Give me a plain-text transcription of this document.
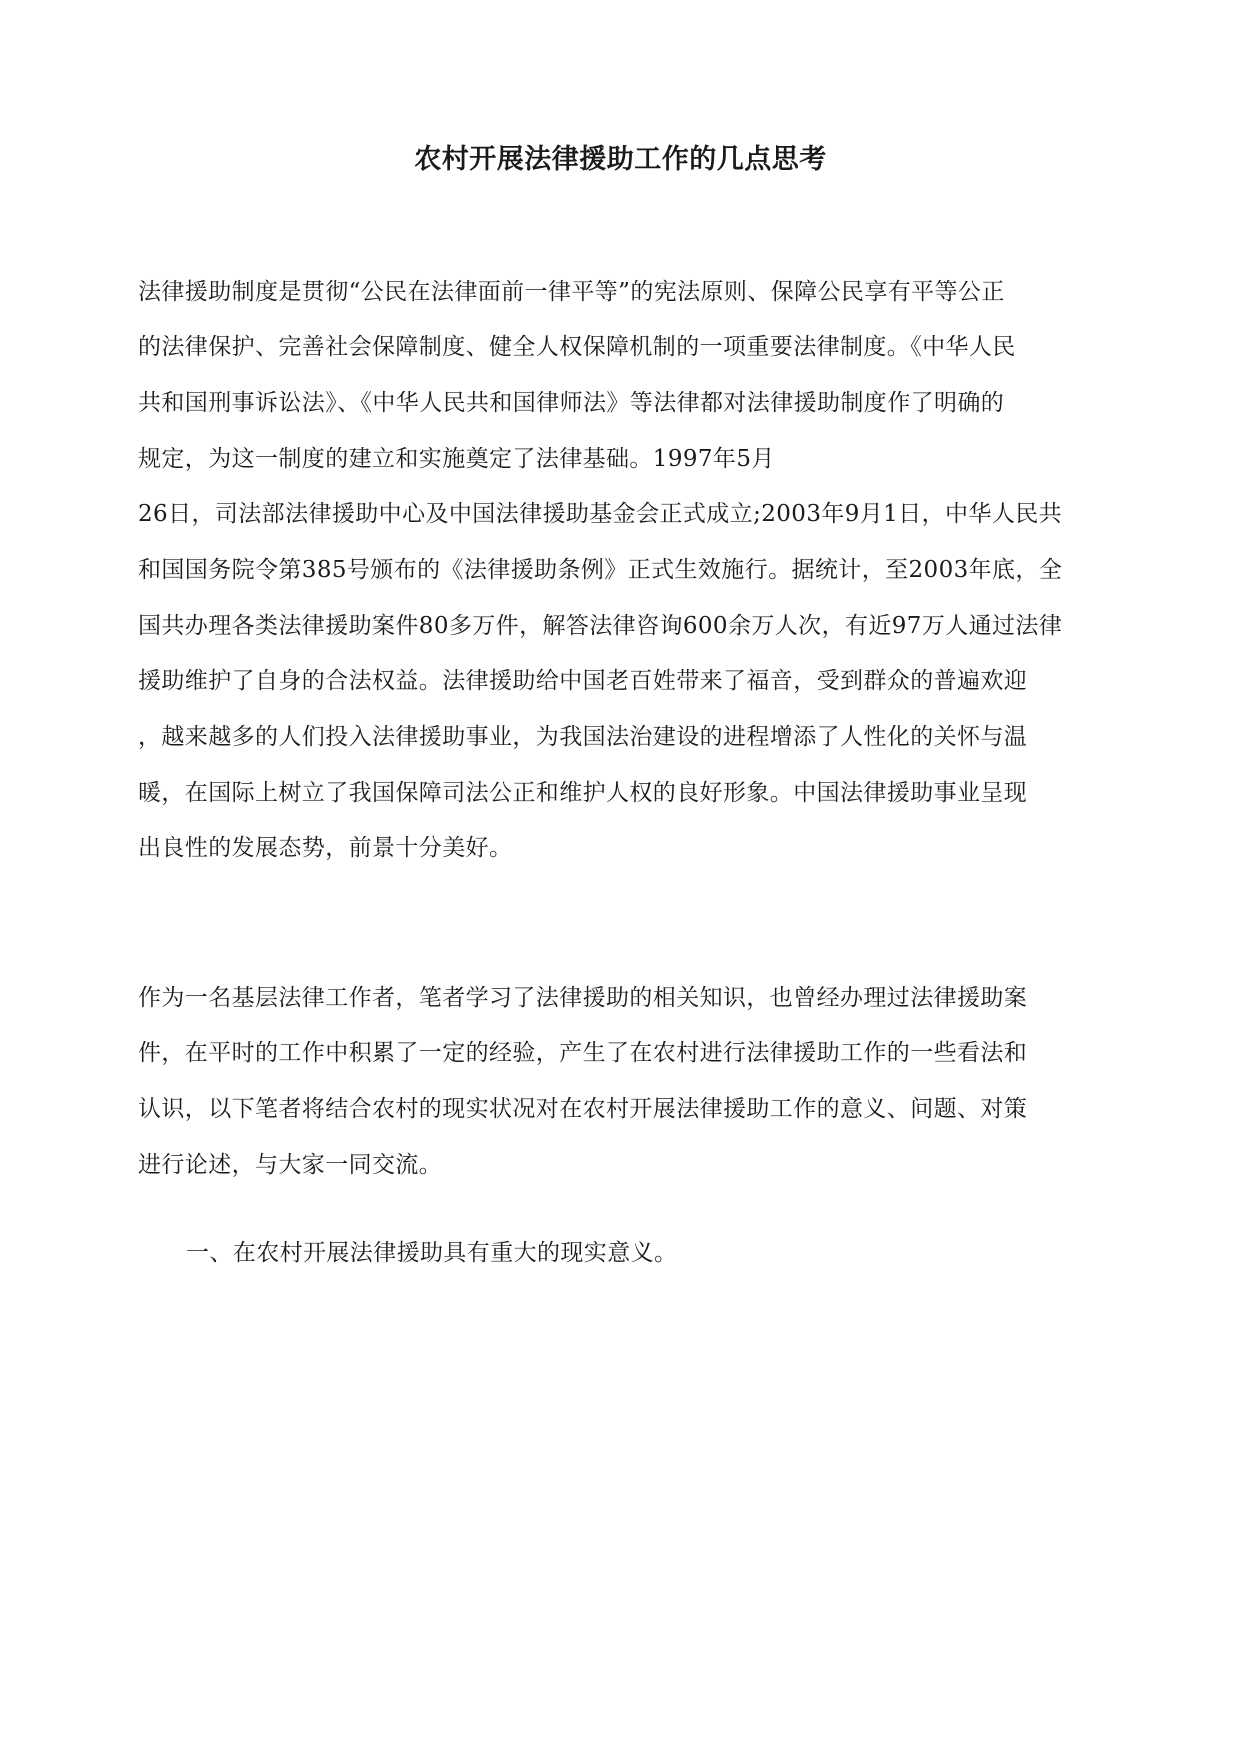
农村开展法律援助工作的几点思考
法律援助制度是贯彻“公民在法律面前一律平等”的宪法原则、保障公民享有平等公正
的法律保护、完善社会保障制度、健全人权保障机制的一项重要法律制度。《中华人民
共和国刑事诉讼法》、《中华人民共和国律师法》等法律都对法律援助制度作了明确的
规定，为这一制度的建立和实施奠定了法律基础。1997年5月
26日，司法部法律援助中心及中国法律援助基金会正式成立;2003年9月1日，中华人民共
和国国务院令第385号颁布的《法律援助条例》正式生效施行。据统计，至2003年底，全
国共办理各类法律援助案件80多万件，解答法律咨询600余万人次，有近97万人通过法律
援助维护了自身的合法权益。法律援助给中国老百姓带来了福音，受到群众的普遍欢迎
，越来越多的人们投入法律援助事业，为我国法治建设的进程增添了人性化的关怀与温
暖，在国际上树立了我国保障司法公正和维护人权的良好形象。中国法律援助事业呈现
出良性的发展态势，前景十分美好。
作为一名基层法律工作者，笔者学习了法律援助的相关知识，也曾经办理过法律援助案
件，在平时的工作中积累了一定的经验，产生了在农村进行法律援助工作的一些看法和
认识，以下笔者将结合农村的现实状况对在农村开展法律援助工作的意义、问题、对策
进行论述，与大家一同交流。
一、在农村开展法律援助具有重大的现实意义。
